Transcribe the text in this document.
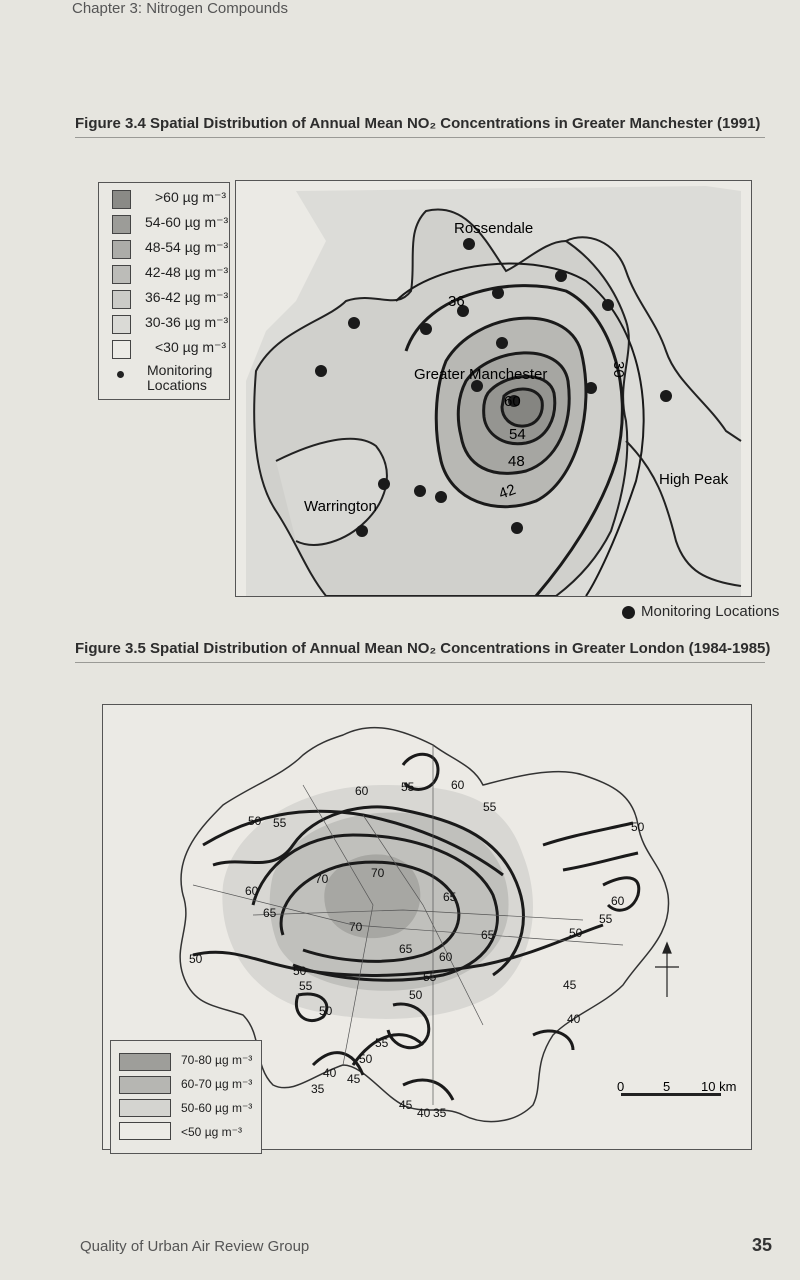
Chapter 3: Nitrogen Compounds
Figure 3.4 Spatial Distribution of Annual Mean NO₂ Concentrations in Greater Manchester (1991)
>60 µg m⁻³
54-60 µg m⁻³
48-54 µg m⁻³
42-48 µg m⁻³
36-42 µg m⁻³
30-36 µg m⁻³
<30 µg m⁻³
Monitoring Locations
Rossendale
Greater Manchester
Warrington
High Peak
60
54
48
42
36
30
Monitoring Locations
Figure 3.5 Spatial Distribution of Annual Mean NO₂ Concentrations in Greater London (1984-1985)
60	55	60
55
50 55	50
70	70
60	65
65
60
55
50
70
65
60
65
50
50	55
55
50
45
50
40
55
50
40 45
35
45
40 35
0	5 10 km
70-80 µg m⁻³
60-70 µg m⁻³
50-60 µg m⁻³
<50 µg m⁻³
Quality of Urban Air Review Group	35
